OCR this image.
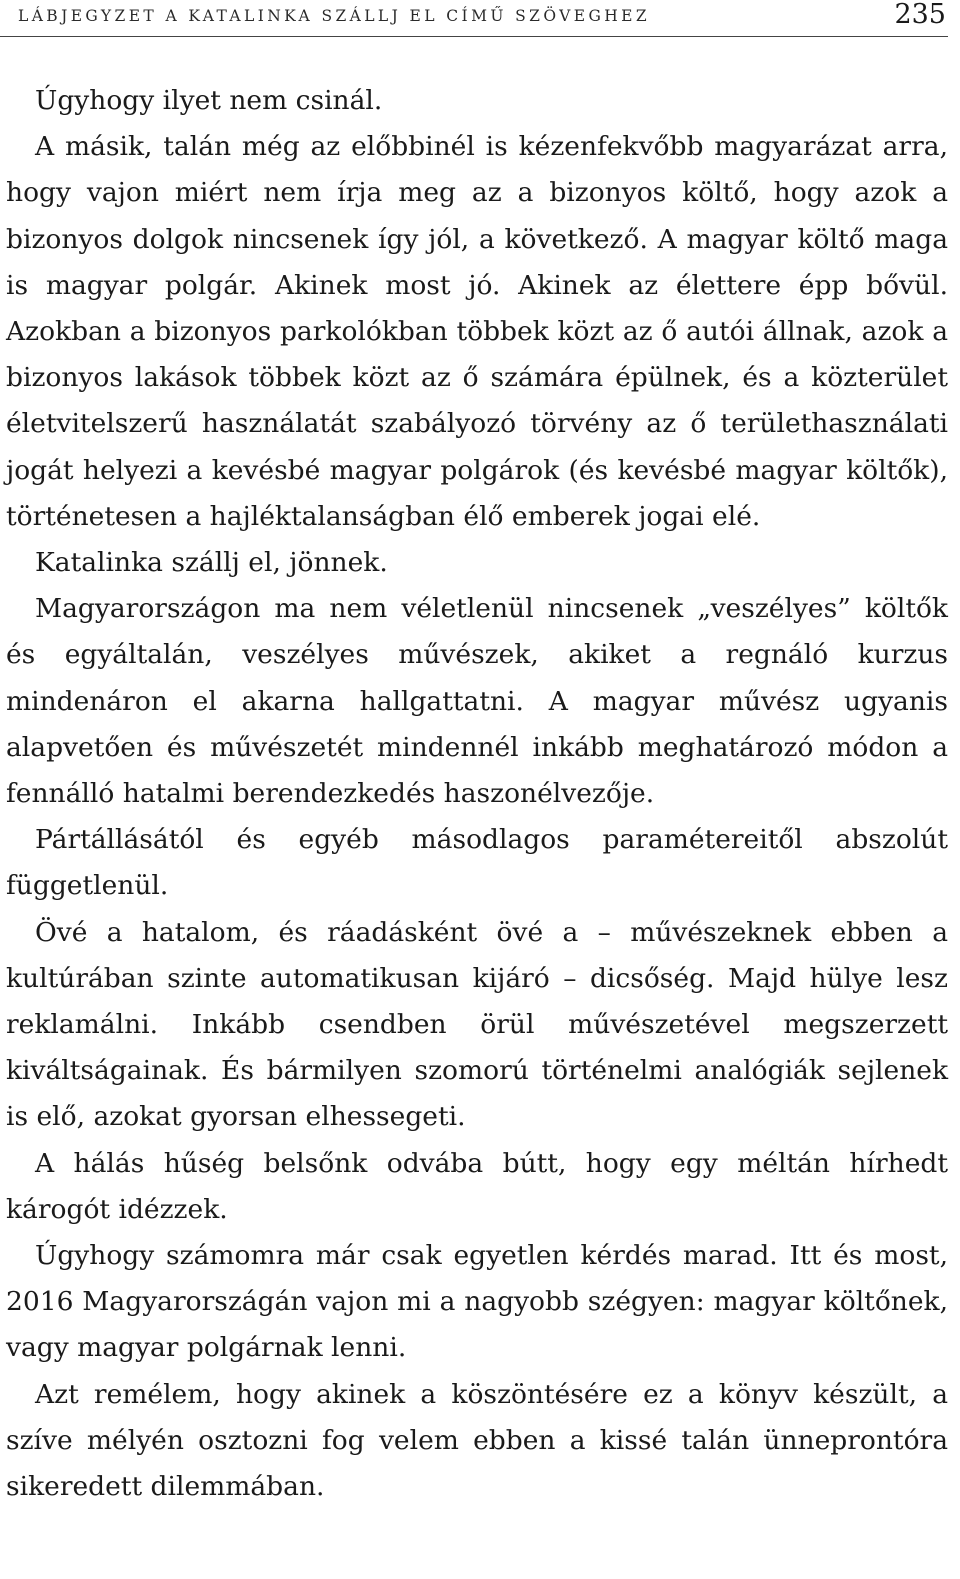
LÁBJEGYZET A KATALINKA SZÁLLJ EL CÍMŰ SZÖVEGHEZ	235

Úgyhogy ilyet nem csinál.

A másik, talán még az előbbinél is kézenfekvőbb magyarázat arra, hogy vajon miért nem írja meg az a bizonyos költő, hogy azok a bizonyos dolgok nincsenek így jól, a következő. A magyar költő maga is magyar polgár. Akinek most jó. Akinek az élettere épp bővül. Azokban a bizonyos parkolókban többek közt az ő autói állnak, azok a bizonyos lakások többek közt az ő számára épülnek, és a közterület életvitelszerű használatát szabályozó törvény az ő területhasználati jogát helyezi a kevésbé magyar polgárok (és kevésbé magyar költők), történetesen a hajléktalanságban élő emberek jogai elé.

Katalinka szállj el, jönnek.

Magyarországon ma nem véletlenül nincsenek „veszélyes” költők és egyáltalán, veszélyes művészek, akiket a regnáló kurzus mindenáron el akarna hallgattatni. A magyar művész ugyanis alapvetően és művészetét mindennél inkább meghatározó módon a fennálló hatalmi berendezkedés haszonélvezője.

Pártállásától és egyéb másodlagos paramétereitől abszolút függetlenül.

Övé a hatalom, és ráadásként övé a – művészeknek ebben a kultúrában szinte automatikusan kijáró – dicsőség. Majd hülye lesz reklamálni. Inkább csendben örül művészetével megszerzett kiváltságainak. És bármilyen szomorú történelmi analógiák sejlenek is elő, azokat gyorsan elhessegeti.

A hálás hűség belsőnk odvába bútt, hogy egy méltán hírhedt károgót idézzek.

Úgyhogy számomra már csak egyetlen kérdés marad. Itt és most, 2016 Magyarországán vajon mi a nagyobb szégyen: magyar költőnek, vagy magyar polgárnak lenni.

Azt remélem, hogy akinek a köszöntésére ez a könyv készült, a szíve mélyén osztozni fog velem ebben a kissé talán ünneprontóra sikeredett dilemmában.
